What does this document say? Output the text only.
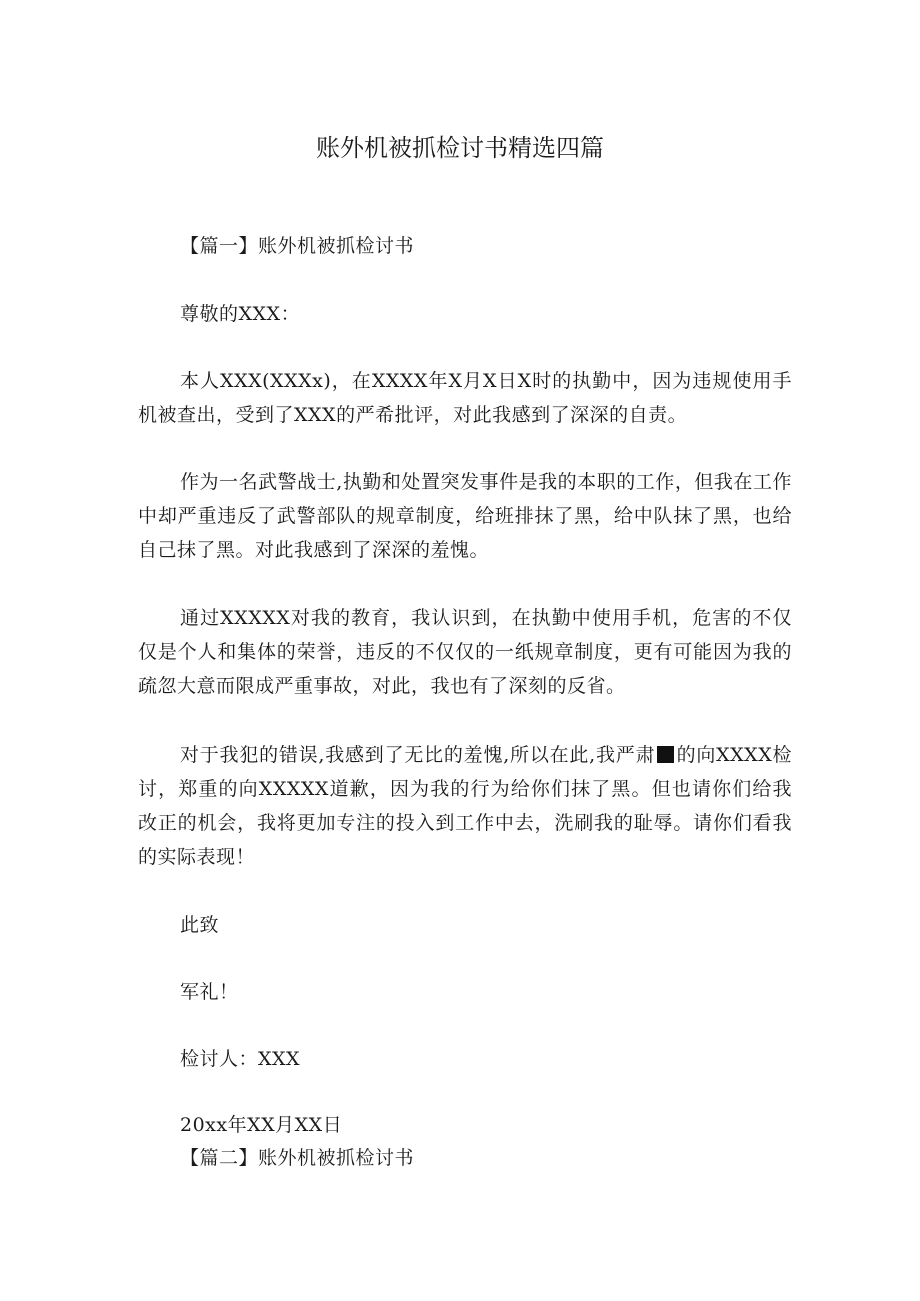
账外机被抓检讨书精选四篇

【篇一】账外机被抓检讨书

尊敬的XXX：

本人XXX(XXXx)，在XXXX年X月X日X时的执勤中，因为违规使用手机被查出，受到了XXX的严希批评，对此我感到了深深的自责。

作为一名武警战士,执勤和处置突发事件是我的本职的工作，但我在工作中却严重违反了武警部队的规章制度，给班排抹了黑，给中队抹了黑，也给自己抹了黑。对此我感到了深深的羞愧。

通过XXXXX对我的教育，我认识到，在执勤中使用手机，危害的不仅仅是个人和集体的荣誉，违反的不仅仅的一纸规章制度，更有可能因为我的疏忽大意而限成严重事故，对此，我也有了深刻的反省。

对于我犯的错误,我感到了无比的羞愧,所以在此,我严肃 的向XXXX检讨，郑重的向XXXXX道歉，因为我的行为给你们抹了黑。但也请你们给我改正的机会，我将更加专注的投入到工作中去，洗刷我的耻辱。请你们看我的实际表现！

此致

军礼！

检讨人：XXX

20xx年XX月XX日

【篇二】账外机被抓检讨书
